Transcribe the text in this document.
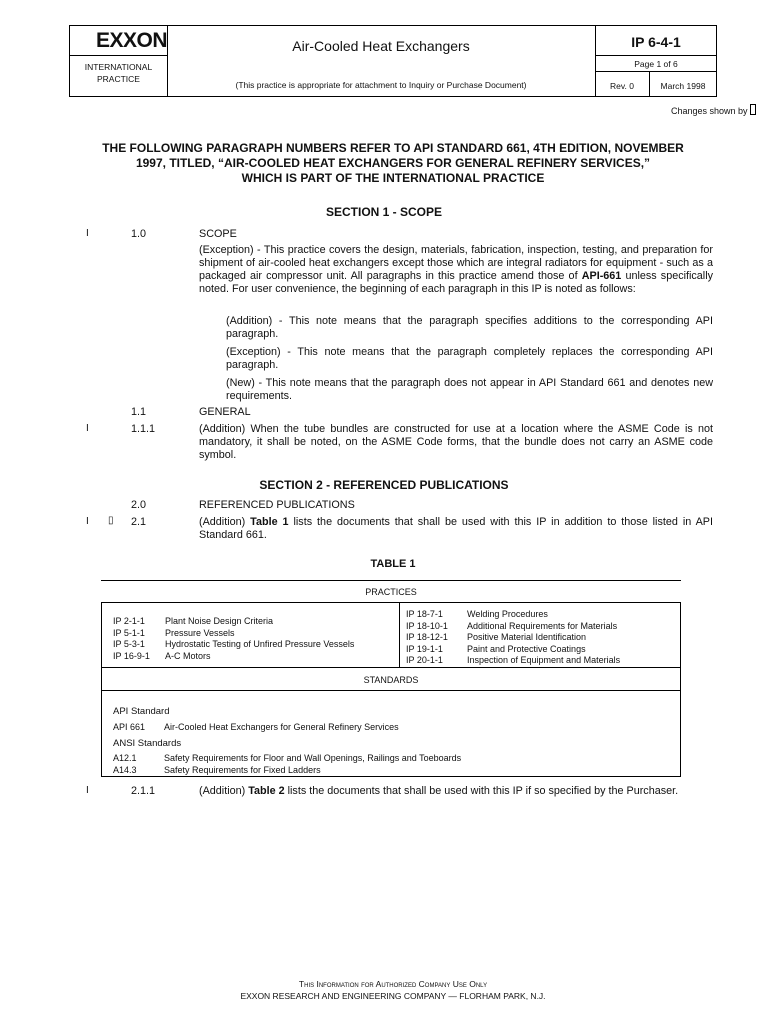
EXXON
INTERNATIONAL
PRACTICE
Air-Cooled Heat Exchangers
(This practice is appropriate for attachment to Inquiry or Purchase Document)
IP 6-4-1
Page 1 of 6
Rev. 0	March 1998
Changes shown by
THE FOLLOWING PARAGRAPH NUMBERS REFER TO API STANDARD 661, 4TH EDITION, NOVEMBER
1997, TITLED, “AIR-COOLED HEAT EXCHANGERS FOR GENERAL REFINERY SERVICES,”
WHICH IS PART OF THE INTERNATIONAL PRACTICE
SECTION 1 - SCOPE
I	1.0	SCOPE
(Exception) - This practice covers the design, materials, fabrication, inspection, testing, and preparation for shipment of air-cooled heat exchangers except those which are integral radiators for equipment - such as a packaged air compressor unit. All paragraphs in this practice amend those of API-661 unless specifically noted. For user convenience, the beginning of each paragraph in this IP is noted as follows:
(Addition) - This note means that the paragraph specifies additions to the corresponding API paragraph.
(Exception) - This note means that the paragraph completely replaces the corresponding API paragraph.
(New) - This note means that the paragraph does not appear in API Standard 661 and denotes new requirements.
1.1	GENERAL
I	1.1.1	(Addition) When the tube bundles are constructed for use at a location where the ASME Code is not mandatory, it shall be noted, on the ASME Code forms, that the bundle does not carry an ASME code symbol.
SECTION 2 - REFERENCED PUBLICATIONS
2.0	REFERENCED PUBLICATIONS
I ▯ 2.1	(Addition) Table 1 lists the documents that shall be used with this IP in addition to those listed in API Standard 661.
TABLE 1
PRACTICES
IP 2-1-1 Plant Noise Design Criteria
IP 5-1-1 Pressure Vessels
IP 5-3-1 Hydrostatic Testing of Unfired Pressure Vessels
IP 16-9-1 A-C Motors
IP 18-7-1	Welding Procedures
IP 18-10-1 Additional Requirements for Materials
IP 18-12-1 Positive Material Identification
IP 19-1-1	Paint and Protective Coatings
IP 20-1-1	Inspection of Equipment and Materials
STANDARDS
API Standard
API 661 Air-Cooled Heat Exchangers for General Refinery Services
ANSI Standards
A12.1	Safety Requirements for Floor and Wall Openings, Railings and Toeboards
A14.3	Safety Requirements for Fixed Ladders
I	2.1.1	(Addition) Table 2 lists the documents that shall be used with this IP if so specified by the Purchaser.
This Information for Authorized Company Use Only
EXXON RESEARCH AND ENGINEERING COMPANY — FLORHAM PARK, N.J.
